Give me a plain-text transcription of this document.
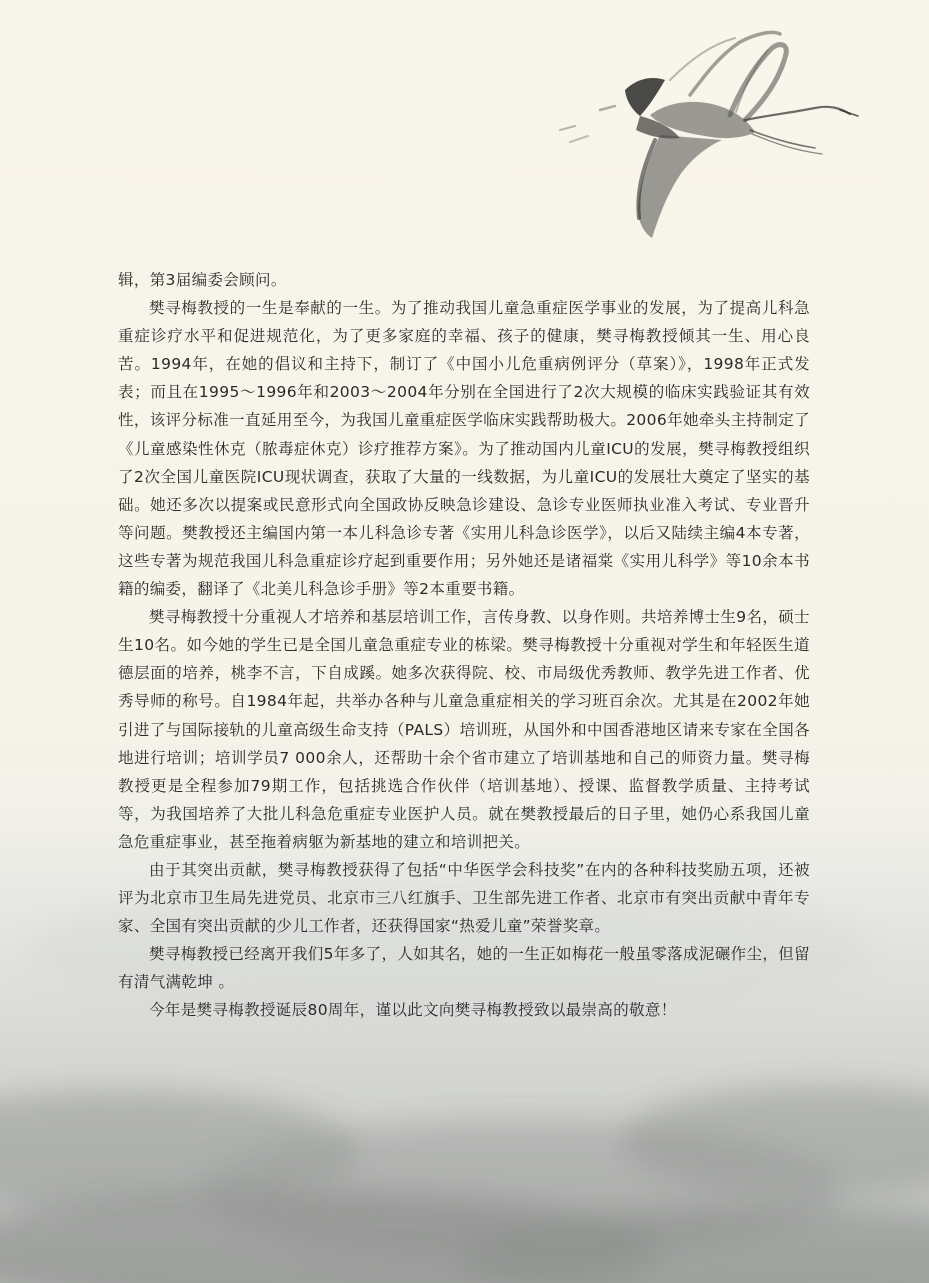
辑，第3届编委会顾问。

樊寻梅教授的一生是奉献的一生。为了推动我国儿童急重症医学事业的发展，为了提高儿科急重症诊疗水平和促进规范化，为了更多家庭的幸福、孩子的健康，樊寻梅教授倾其一生、用心良苦。1994年，在她的倡议和主持下，制订了《中国小儿危重病例评分（草案）》，1998年正式发表；而且在1995～1996年和2003～2004年分别在全国进行了2次大规模的临床实践验证其有效性，该评分标准一直延用至今，为我国儿童重症医学临床实践帮助极大。2006年她牵头主持制定了《儿童感染性休克（脓毒症休克）诊疗推荐方案》。为了推动国内儿童ICU的发展，樊寻梅教授组织了2次全国儿童医院ICU现状调查，获取了大量的一线数据，为儿童ICU的发展壮大奠定了坚实的基础。她还多次以提案或民意形式向全国政协反映急诊建设、急诊专业医师执业准入考试、专业晋升等问题。樊教授还主编国内第一本儿科急诊专著《实用儿科急诊医学》，以后又陆续主编4本专著，这些专著为规范我国儿科急重症诊疗起到重要作用；另外她还是诸福棠《实用儿科学》等10余本书籍的编委，翻译了《北美儿科急诊手册》等2本重要书籍。

樊寻梅教授十分重视人才培养和基层培训工作，言传身教、以身作则。共培养博士生9名，硕士生10名。如今她的学生已是全国儿童急重症专业的栋梁。樊寻梅教授十分重视对学生和年轻医生道德层面的培养，桃李不言，下自成蹊。她多次获得院、校、市局级优秀教师、教学先进工作者、优秀导师的称号。自1984年起，共举办各种与儿童急重症相关的学习班百余次。尤其是在2002年她引进了与国际接轨的儿童高级生命支持（PALS）培训班，从国外和中国香港地区请来专家在全国各地进行培训；培训学员7 000余人，还帮助十余个省市建立了培训基地和自己的师资力量。樊寻梅教授更是全程参加79期工作，包括挑选合作伙伴（培训基地）、授课、监督教学质量、主持考试等，为我国培养了大批儿科急危重症专业医护人员。就在樊教授最后的日子里，她仍心系我国儿童急危重症事业，甚至拖着病躯为新基地的建立和培训把关。

由于其突出贡献，樊寻梅教授获得了包括“中华医学会科技奖”在内的各种科技奖励五项，还被评为北京市卫生局先进党员、北京市三八红旗手、卫生部先进工作者、北京市有突出贡献中青年专家、全国有突出贡献的少儿工作者，还获得国家“热爱儿童”荣誉奖章。

樊寻梅教授已经离开我们5年多了，人如其名，她的一生正如梅花一般虽零落成泥碾作尘，但留有清气满乾坤 。

今年是樊寻梅教授诞辰80周年，谨以此文向樊寻梅教授致以最崇高的敬意！
